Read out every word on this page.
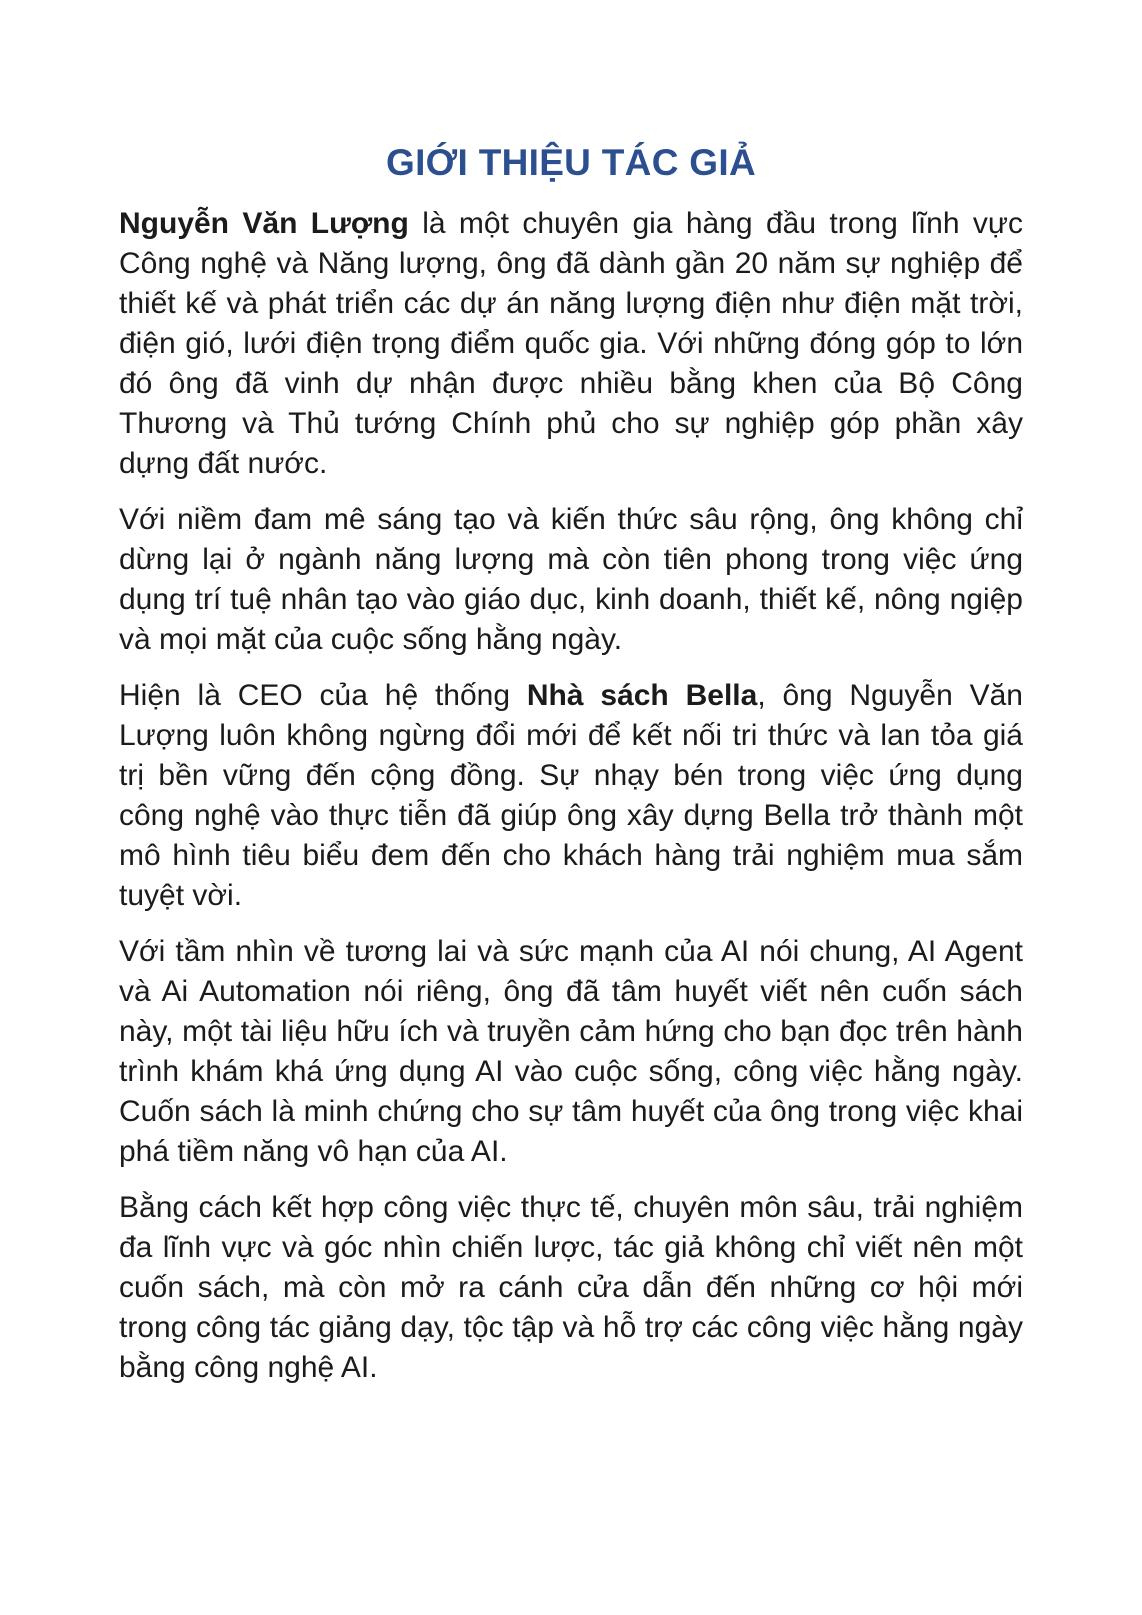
GIỚI THIỆU TÁC GIẢ

Nguyễn Văn Lượng là một chuyên gia hàng đầu trong lĩnh vực Công nghệ và Năng lượng, ông đã dành gần 20 năm sự nghiệp để thiết kế và phát triển các dự án năng lượng điện như điện mặt trời, điện gió, lưới điện trọng điểm quốc gia. Với những đóng góp to lớn đó ông đã vinh dự nhận được nhiều bằng khen của Bộ Công Thương và Thủ tướng Chính phủ cho sự nghiệp góp phần xây dựng đất nước.

Với niềm đam mê sáng tạo và kiến thức sâu rộng, ông không chỉ dừng lại ở ngành năng lượng mà còn tiên phong trong việc ứng dụng trí tuệ nhân tạo vào giáo dục, kinh doanh, thiết kế, nông ngiệp và mọi mặt của cuộc sống hằng ngày.

Hiện là CEO của hệ thống Nhà sách Bella, ông Nguyễn Văn Lượng luôn không ngừng đổi mới để kết nối tri thức và lan tỏa giá trị bền vững đến cộng đồng. Sự nhạy bén trong việc ứng dụng công nghệ vào thực tiễn đã giúp ông xây dựng Bella trở thành một mô hình tiêu biểu đem đến cho khách hàng trải nghiệm mua sắm tuyệt vời.

Với tầm nhìn về tương lai và sức mạnh của AI nói chung, AI Agent và Ai Automation nói riêng, ông đã tâm huyết viết nên cuốn sách này, một tài liệu hữu ích và truyền cảm hứng cho bạn đọc trên hành trình khám khá ứng dụng AI vào cuộc sống, công việc hằng ngày. Cuốn sách là minh chứng cho sự tâm huyết của ông trong việc khai phá tiềm năng vô hạn của AI.

Bằng cách kết hợp công việc thực tế, chuyên môn sâu, trải nghiệm đa lĩnh vực và góc nhìn chiến lược, tác giả không chỉ viết nên một cuốn sách, mà còn mở ra cánh cửa dẫn đến những cơ hội mới trong công tác giảng dạy, tộc tập và hỗ trợ các công việc hằng ngày bằng công nghệ AI.
